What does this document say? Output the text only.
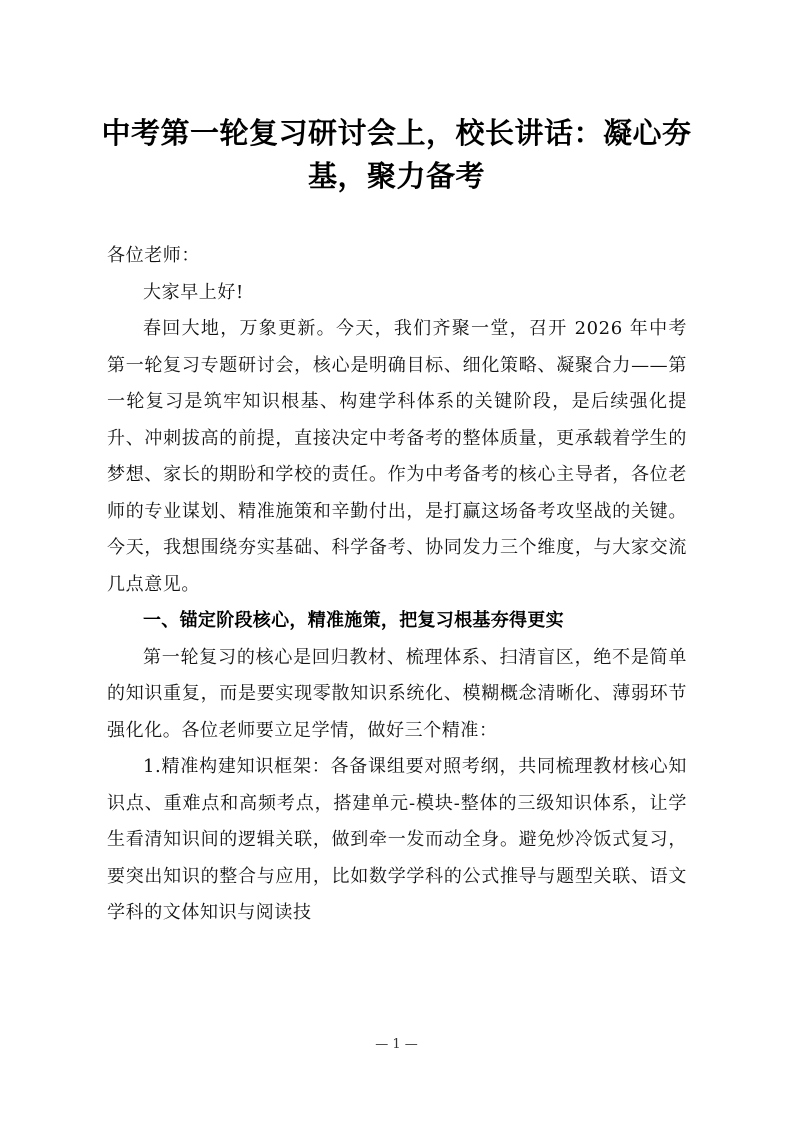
中考第一轮复习研讨会上，校长讲话：凝心夯基，聚力备考

各位老师：

大家早上好!

春回大地，万象更新。今天，我们齐聚一堂，召开 2026 年中考第一轮复习专题研讨会，核心是明确目标、细化策略、凝聚合力——第一轮复习是筑牢知识根基、构建学科体系的关键阶段，是后续强化提升、冲刺拔高的前提，直接决定中考备考的整体质量，更承载着学生的梦想、家长的期盼和学校的责任。作为中考备考的核心主导者，各位老师的专业谋划、精准施策和辛勤付出，是打赢这场备考攻坚战的关键。今天，我想围绕夯实基础、科学备考、协同发力三个维度，与大家交流几点意见。

一、锚定阶段核心，精准施策，把复习根基夯得更实

第一轮复习的核心是回归教材、梳理体系、扫清盲区，绝不是简单的知识重复，而是要实现零散知识系统化、模糊概念清晰化、薄弱环节强化化。各位老师要立足学情，做好三个精准：

1.精准构建知识框架：各备课组要对照考纲，共同梳理教材核心知识点、重难点和高频考点，搭建单元-模块-整体的三级知识体系，让学生看清知识间的逻辑关联，做到牵一发而动全身。避免炒冷饭式复习，要突出知识的整合与应用，比如数学学科的公式推导与题型关联、语文学科的文体知识与阅读技

— 1 —
